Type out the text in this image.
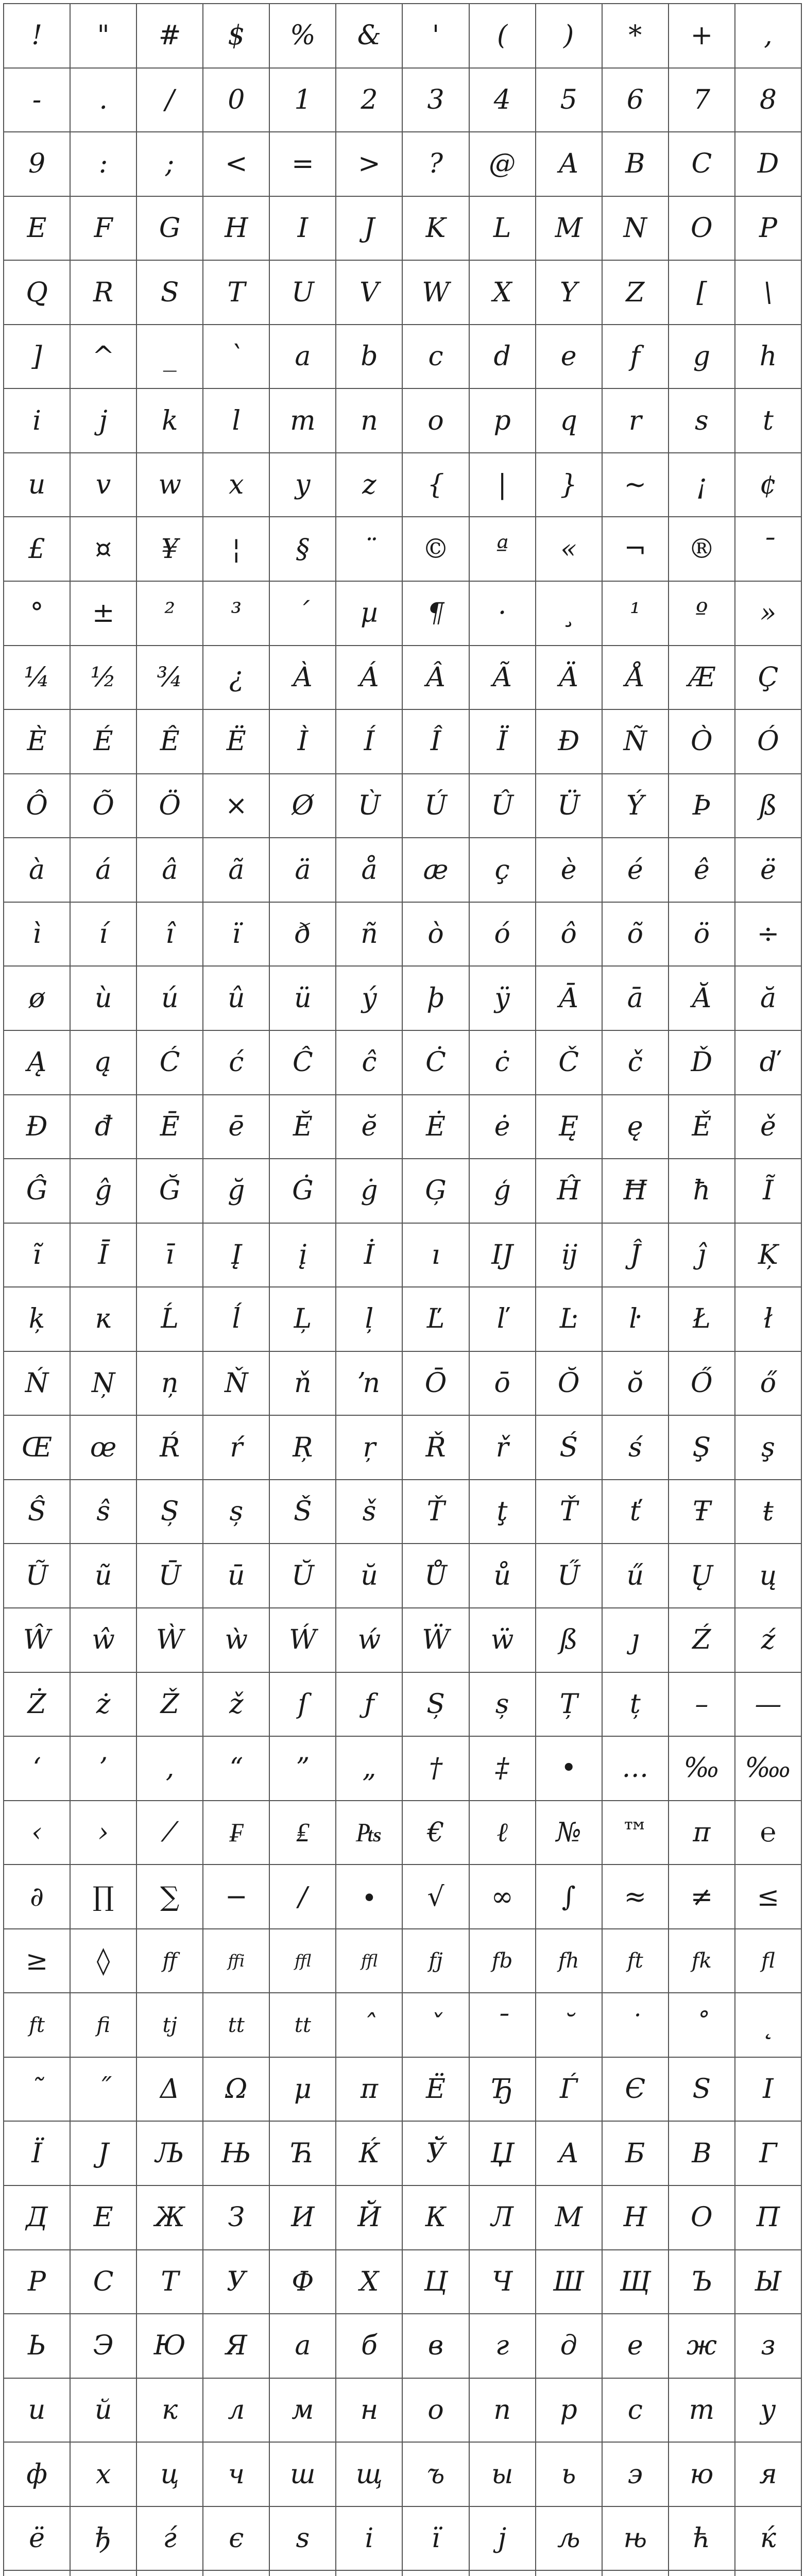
!	"	#	$	%	&	'	(	)	*	+	,
-	.	/	0	1	2	3	4	5	6	7	8
9	:	;	<	=	>	?	@	A	B	C	D
E	F	G	H	I	J	K	L	M	N	O	P
Q	R	S	T	U	V	W	X	Y	Z	[	\
]	^	_	`	a	b	c	d	e	f	g	h
i	j	k	l	m	n	o	p	q	r	s	t
u	v	w	x	y	z	{	|	}	~	¡	¢
£	¤	¥	¦	§	¨	©	ª	«	¬	®	¯
°	±	²	³	´	µ	¶	·	¸	¹	º	»
¼	½	¾	¿	À	Á	Â	Ã	Ä	Å	Æ	Ç
È	É	Ê	Ë	Ì	Í	Î	Ï	Ð	Ñ	Ò	Ó
Ô	Õ	Ö	×	Ø	Ù	Ú	Û	Ü	Ý	Þ	ß
à	á	â	ã	ä	å	æ	ç	è	é	ê	ë
ì	í	î	ï	ð	ñ	ò	ó	ô	õ	ö	÷
ø	ù	ú	û	ü	ý	þ	ÿ	Ā	ā	Ă	ă
Ą	ą	Ć	ć	Ĉ	ĉ	Ċ	ċ	Č	č	Ď	ď
Đ	đ	Ē	ē	Ĕ	ĕ	Ė	ė	Ę	ę	Ě	ě
Ĝ	ĝ	Ğ	ğ	Ġ	ġ	Ģ	ģ	Ĥ	Ħ	ħ	Ĩ
ĩ	Ī	ī	Į	į	İ	ı	Ĳ	ĳ	Ĵ	ĵ	Ķ
ķ	ĸ	Ĺ	ĺ	Ļ	ļ	Ľ	ľ	Ŀ	ŀ	Ł	ł
Ń	Ņ	ņ	Ň	ň	ŉ	Ō	ō	Ŏ	ŏ	Ő	ő
Œ	œ	Ŕ	ŕ	Ŗ	ŗ	Ř	ř	Ś	ś	Ş	ş
Ŝ	ŝ	Ș	ș	Š	š	Ť	ţ	Ť	ť	Ŧ	ŧ
Ũ	ũ	Ū	ū	Ŭ	ŭ	Ů	ů	Ű	ű	Ų	ų
Ŵ	ŵ	Ẁ	ẁ	Ẃ	ẃ	Ẅ	ẅ	ß	ȷ	Ź	ź
Ż	ż	Ž	ž	ſ	ƒ	Ș	ș	Ț	ț	–	—
‘	’	‚	“	”	„	†	‡	•	…	‰ ‱
‹	›	⁄	₣	₤	₧	€	ℓ	№	™	π	℮
∂	∏	∑	−	∕	∙	√	∞	∫	≈	≠	≤
≥	◊	ff	ffi	ffl	ffl	fj	fb	fh	ft	fk	fl
ft	fi	tj	tt	tt	ˆ	ˇ	ˉ	˘	˙	˚	˛
˜	˝	Δ	Ω	μ	π	Ё	Ђ	Ѓ	Є	S	I
Ї	J	Љ	Њ	Ћ	Ќ	Ў	Џ	А	Б	В	Г
Д	Е	Ж	З	И	Й	К	Л	М	Н	О	П
Р	С	Т	У	Ф	Х	Ц	Ч	Ш	Щ	Ъ	Ы
Ь	Э	Ю	Я	а	б	в	г	д	е	ж	з
и	й	к	л	м	н	о	п	р	с	т	у
ф	х	ц	ч	ш	щ	ъ	ы	ь	э	ю	я
ё	ђ	ѓ	є	ѕ	і	ї	ј	љ	њ	ћ	ќ
